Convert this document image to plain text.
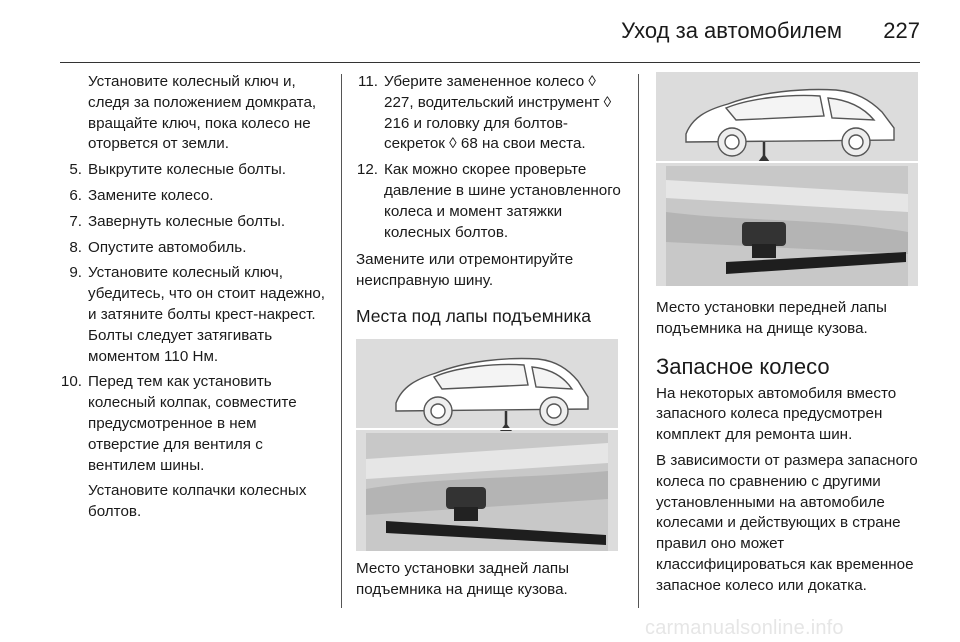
Уход за автомобилем 227

Установите колесный ключ и, следя за положением домкрата, вращайте ключ, пока колесо не оторвется от земли.

5. Выкрутите колесные болты.
6. Замените колесо.
7. Завернуть колесные болты.
8. Опустите автомобиль.
9. Установите колесный ключ, убедитесь, что он стоит надежно, и затяните болты крест-накрест. Болты следует затягивать моментом 110 Нм.
10. Перед тем как установить колесный колпак, совместите предусмотренное в нем отверстие для вентиля с вентилем шины.

Установите колпачки колесных болтов.

11. Уберите замененное колесо ◊ 227, водительский инструмент ◊ 216 и головку для болтов-секреток ◊ 68 на свои места.
12. Как можно скорее проверьте давление в шине установленного колеса и момент затяжки колесных болтов.

Замените или отремонтируйте неисправную шину.

Места под лапы подъемника

Место установки задней лапы подъемника на днище кузова.

Место установки передней лапы подъемника на днище кузова.

Запасное колесо

На некоторых автомобиля вместо запасного колеса предусмотрен комплект для ремонта шин.

В зависимости от размера запасного колеса по сравнению с другими установленными на автомобиле колесами и действующих в стране правил оно может классифицироваться как временное запасное колесо или докатка.

carmanualsonline.info
